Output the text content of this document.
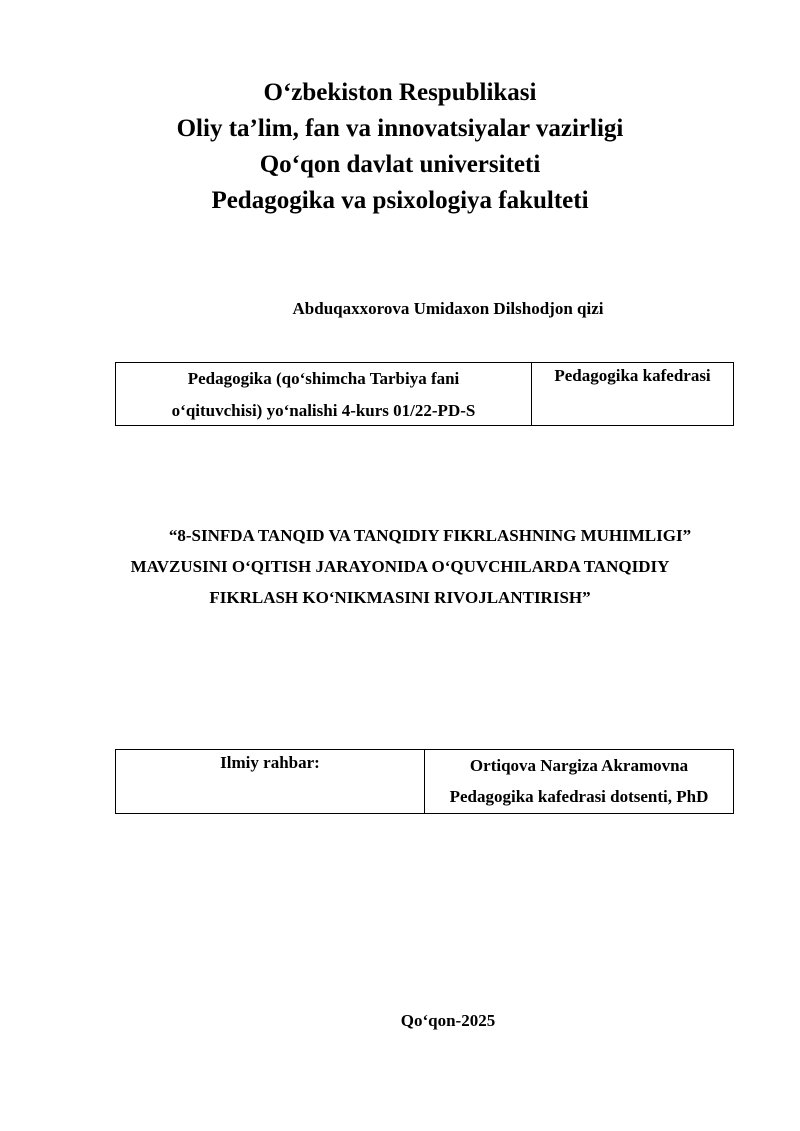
O‘zbekiston Respublikasi
Oliy ta’lim, fan va innovatsiyalar vazirligi
Qo‘qon davlat universiteti
Pedagogika va psixologiya fakulteti
Abduqaxxorova Umidaxon Dilshodjon qizi
Pedagogika (qo‘shimcha Tarbiya fani
o‘qituvchisi) yo‘nalishi 4-kurs 01/22-PD-S
Pedagogika kafedrasi
“8-SINFDA TANQID VA TANQIDIY FIKRLASHNING MUHIMLIGI”
MAVZUSINI O‘QITISH JARAYONIDA O‘QUVCHILARDA TANQIDIY
FIKRLASH KO‘NIKMASINI RIVOJLANTIRISH”
Ilmiy rahbar:	Ortiqova Nargiza Akramovna
Pedagogika kafedrasi dotsenti, PhD
Qo‘qon-2025
